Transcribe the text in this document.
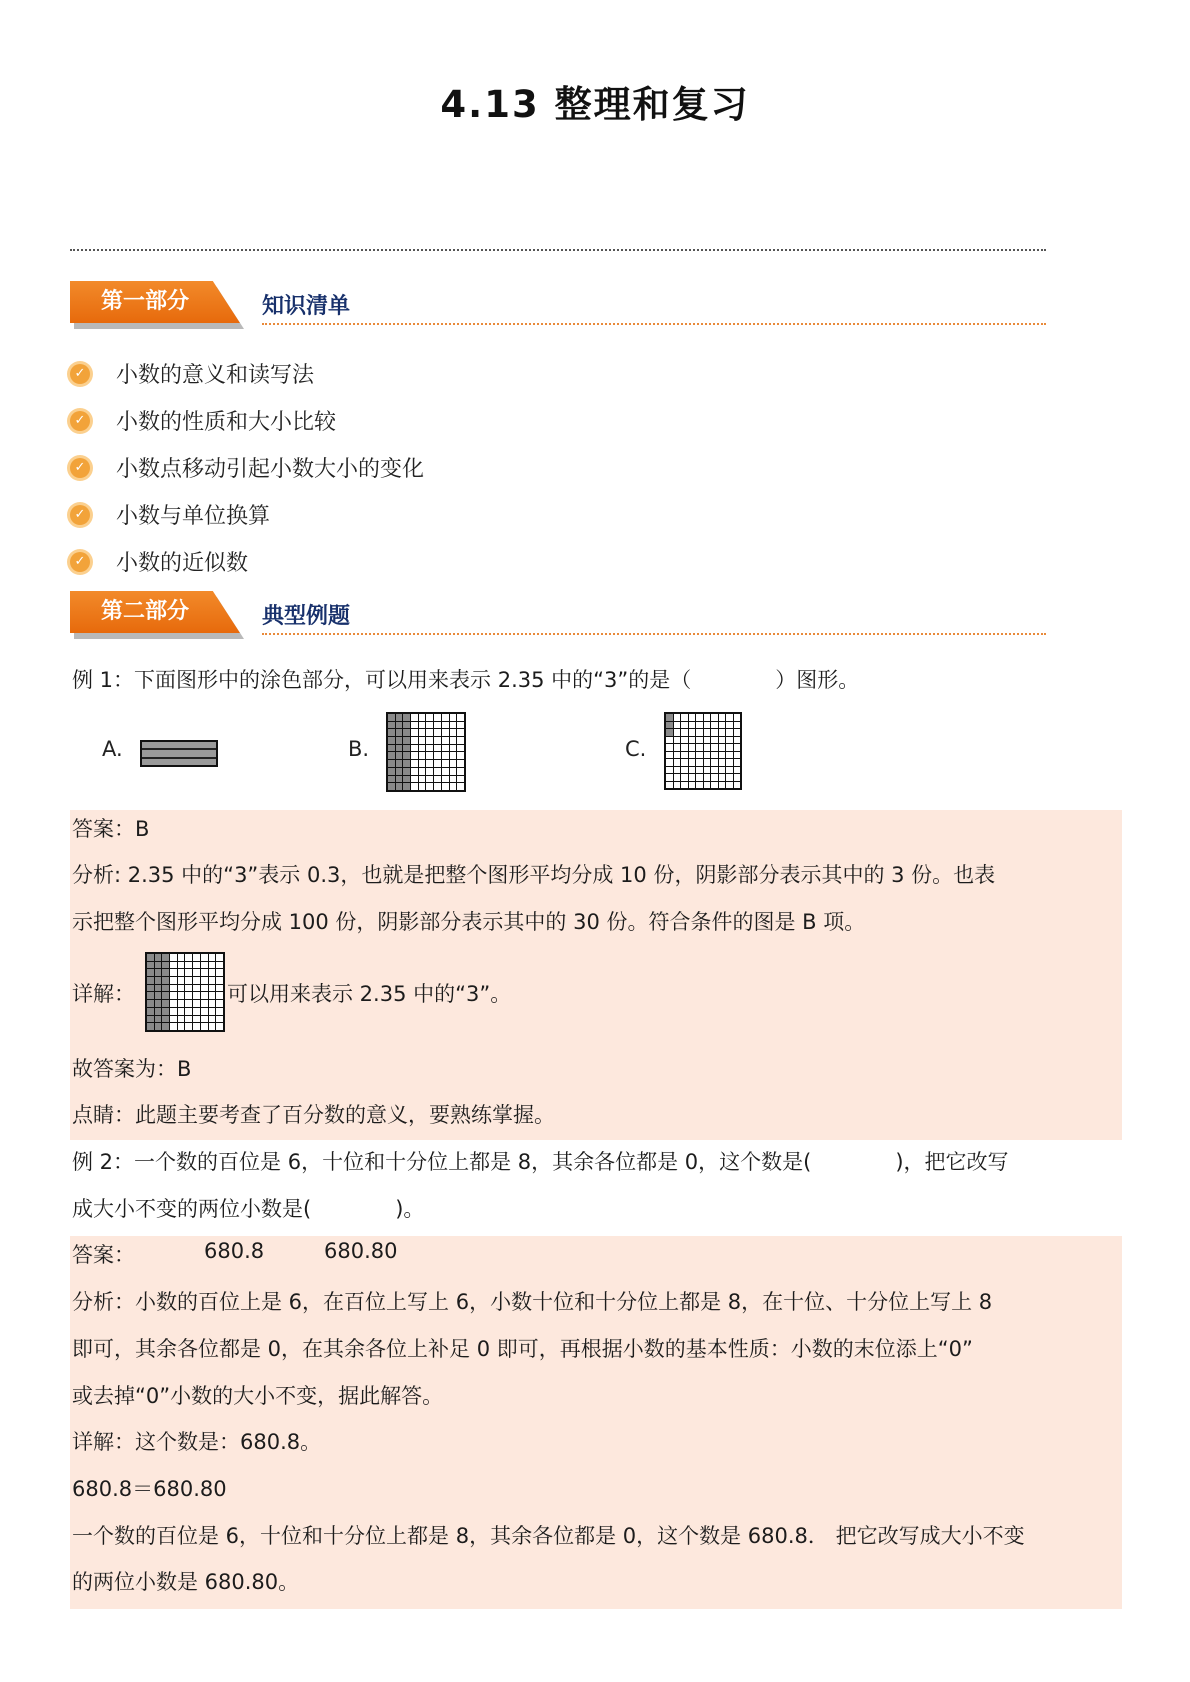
4.13 整理和复习
第一部分	知识清单
✓ 小数的意义和读写法
✓ 小数的性质和大小比较
✓ 小数点移动引起小数大小的变化
✓ 小数与单位换算
✓ 小数的近似数
第二部分	典型例题
例 1：下面图形中的涂色部分，可以用来表示 2.35 中的“3”的是（　　　　）图形。
A.	B.	C.
答案：B
分析: 2.35 中的“3”表示 0.3，也就是把整个图形平均分成 10 份，阴影部分表示其中的 3 份。也表
示把整个图形平均分成 100 份，阴影部分表示其中的 30 份。符合条件的图是 B 项。
详解：	可以用来表示 2.35 中的“3”。
故答案为：B
点睛：此题主要考查了百分数的意义，要熟练掌握。
例 2：一个数的百位是 6，十位和十分位上都是 8，其余各位都是 0，这个数是(　　　　)，把它改写
成大小不变的两位小数是(　　　　)。
答案：	680.8	680.80
分析：小数的百位上是 6，在百位上写上 6，小数十位和十分位上都是 8，在十位、十分位上写上 8
即可，其余各位都是 0，在其余各位上补足 0 即可，再根据小数的基本性质：小数的末位添上“0”
或去掉“0”小数的大小不变，据此解答。
详解：这个数是：680.8。
680.8＝680.80
一个数的百位是 6，十位和十分位上都是 8，其余各位都是 0，这个数是 680.8． 把它改写成大小不变
的两位小数是 680.80。
